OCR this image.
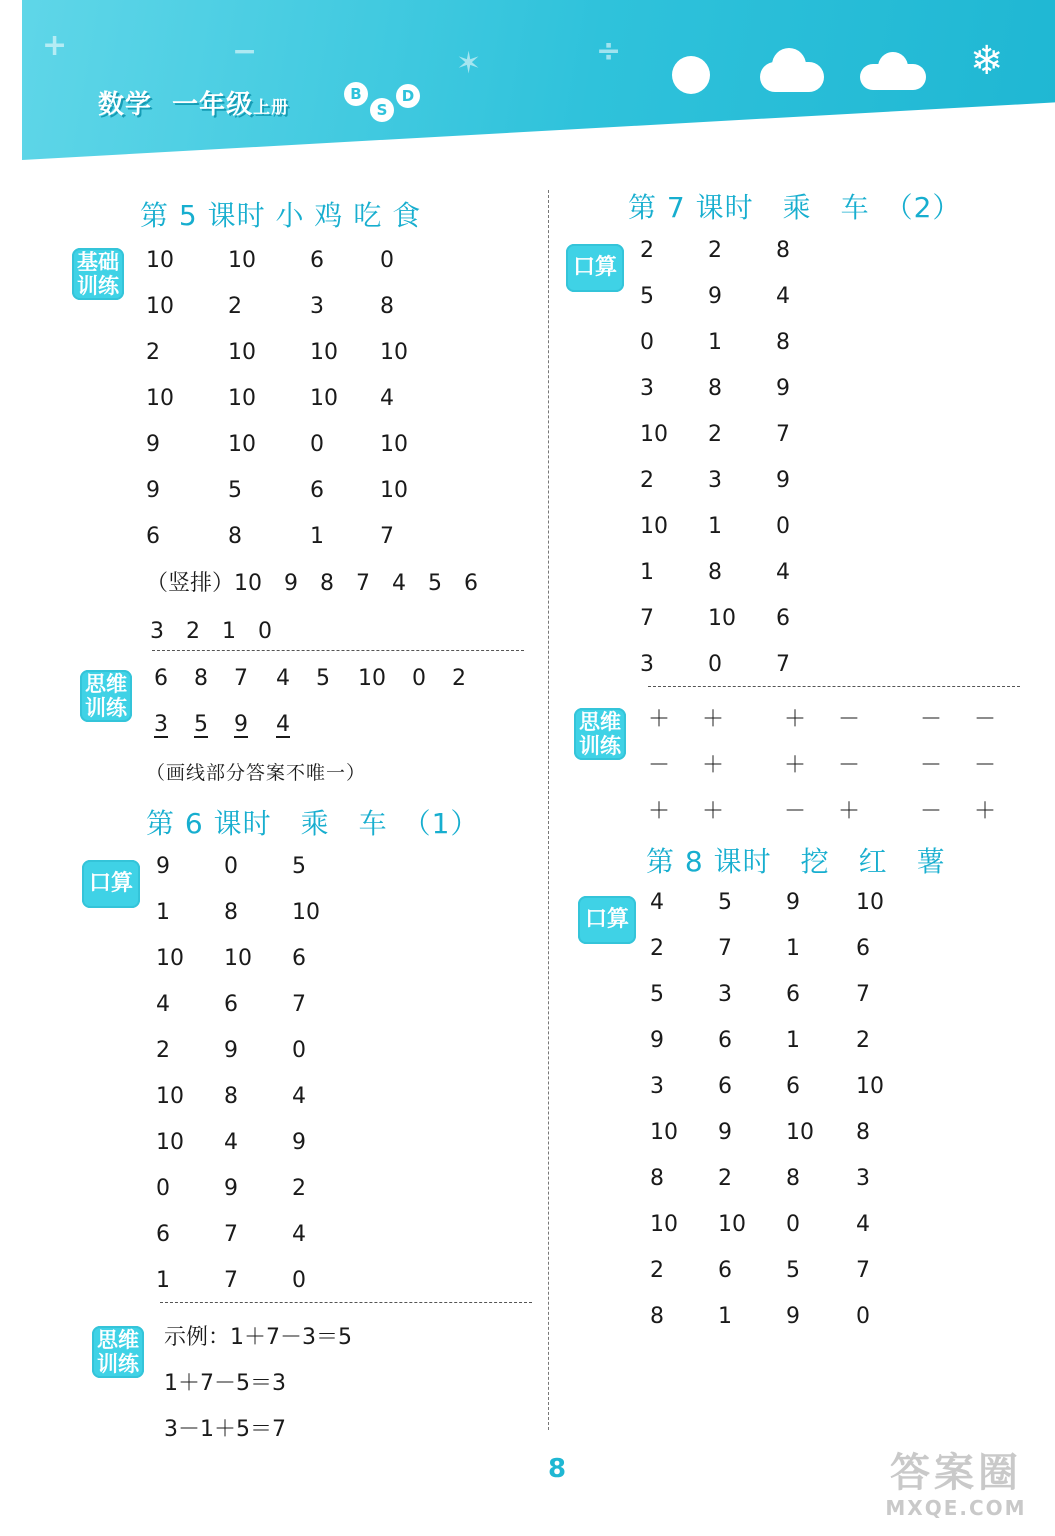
+	−	✶	÷	❄
数学 一年级上册
B
S
D
第 5 课时 小 鸡 吃 食
基础
训练
10 10 6	0
10 2	3	8
2	10 10 10
10 10 10 4
9	10 0	10
9	5	6	10
6	8	1	7
（竖排）10　9　8　7　4　5　6
3　2　1　0
思维
训练
6 8 7 4 5 10 0 2
3 5 9 4
（画线部分答案不唯一）
第 6 课时　乘　车　（1）
口算
9 0 5
1 8 10
10 10 6
4 6 7
2 9 0
10 8 4
10 4 9
0 9 2
6 7 4
1 7 0
思维
训练
示例：1＋7－3＝5
1＋7－5＝3
3－1＋5＝7
第 7 课时　乘　车　（2）
口算
2 2 8
5 9 4
0 1 8
3 8 9
10 2 7
2 3 9
10 1 0
1 8 4
7 10 6
3 0 7
思维
训练
＋ ＋	＋ －	－ －
－ ＋	＋ －	－ －
＋ ＋	－ ＋	－ ＋
第 8 课时　挖　红　薯
口算
4 5 9	10
2 7 1	6
5 3 6	7
9 6 1	2
3 6 6	10
10 9 10 8
8 2 8	3
10 10 0	4
2 6 5	7
8 1 9	0
8	答案圈
MXQE.COM
